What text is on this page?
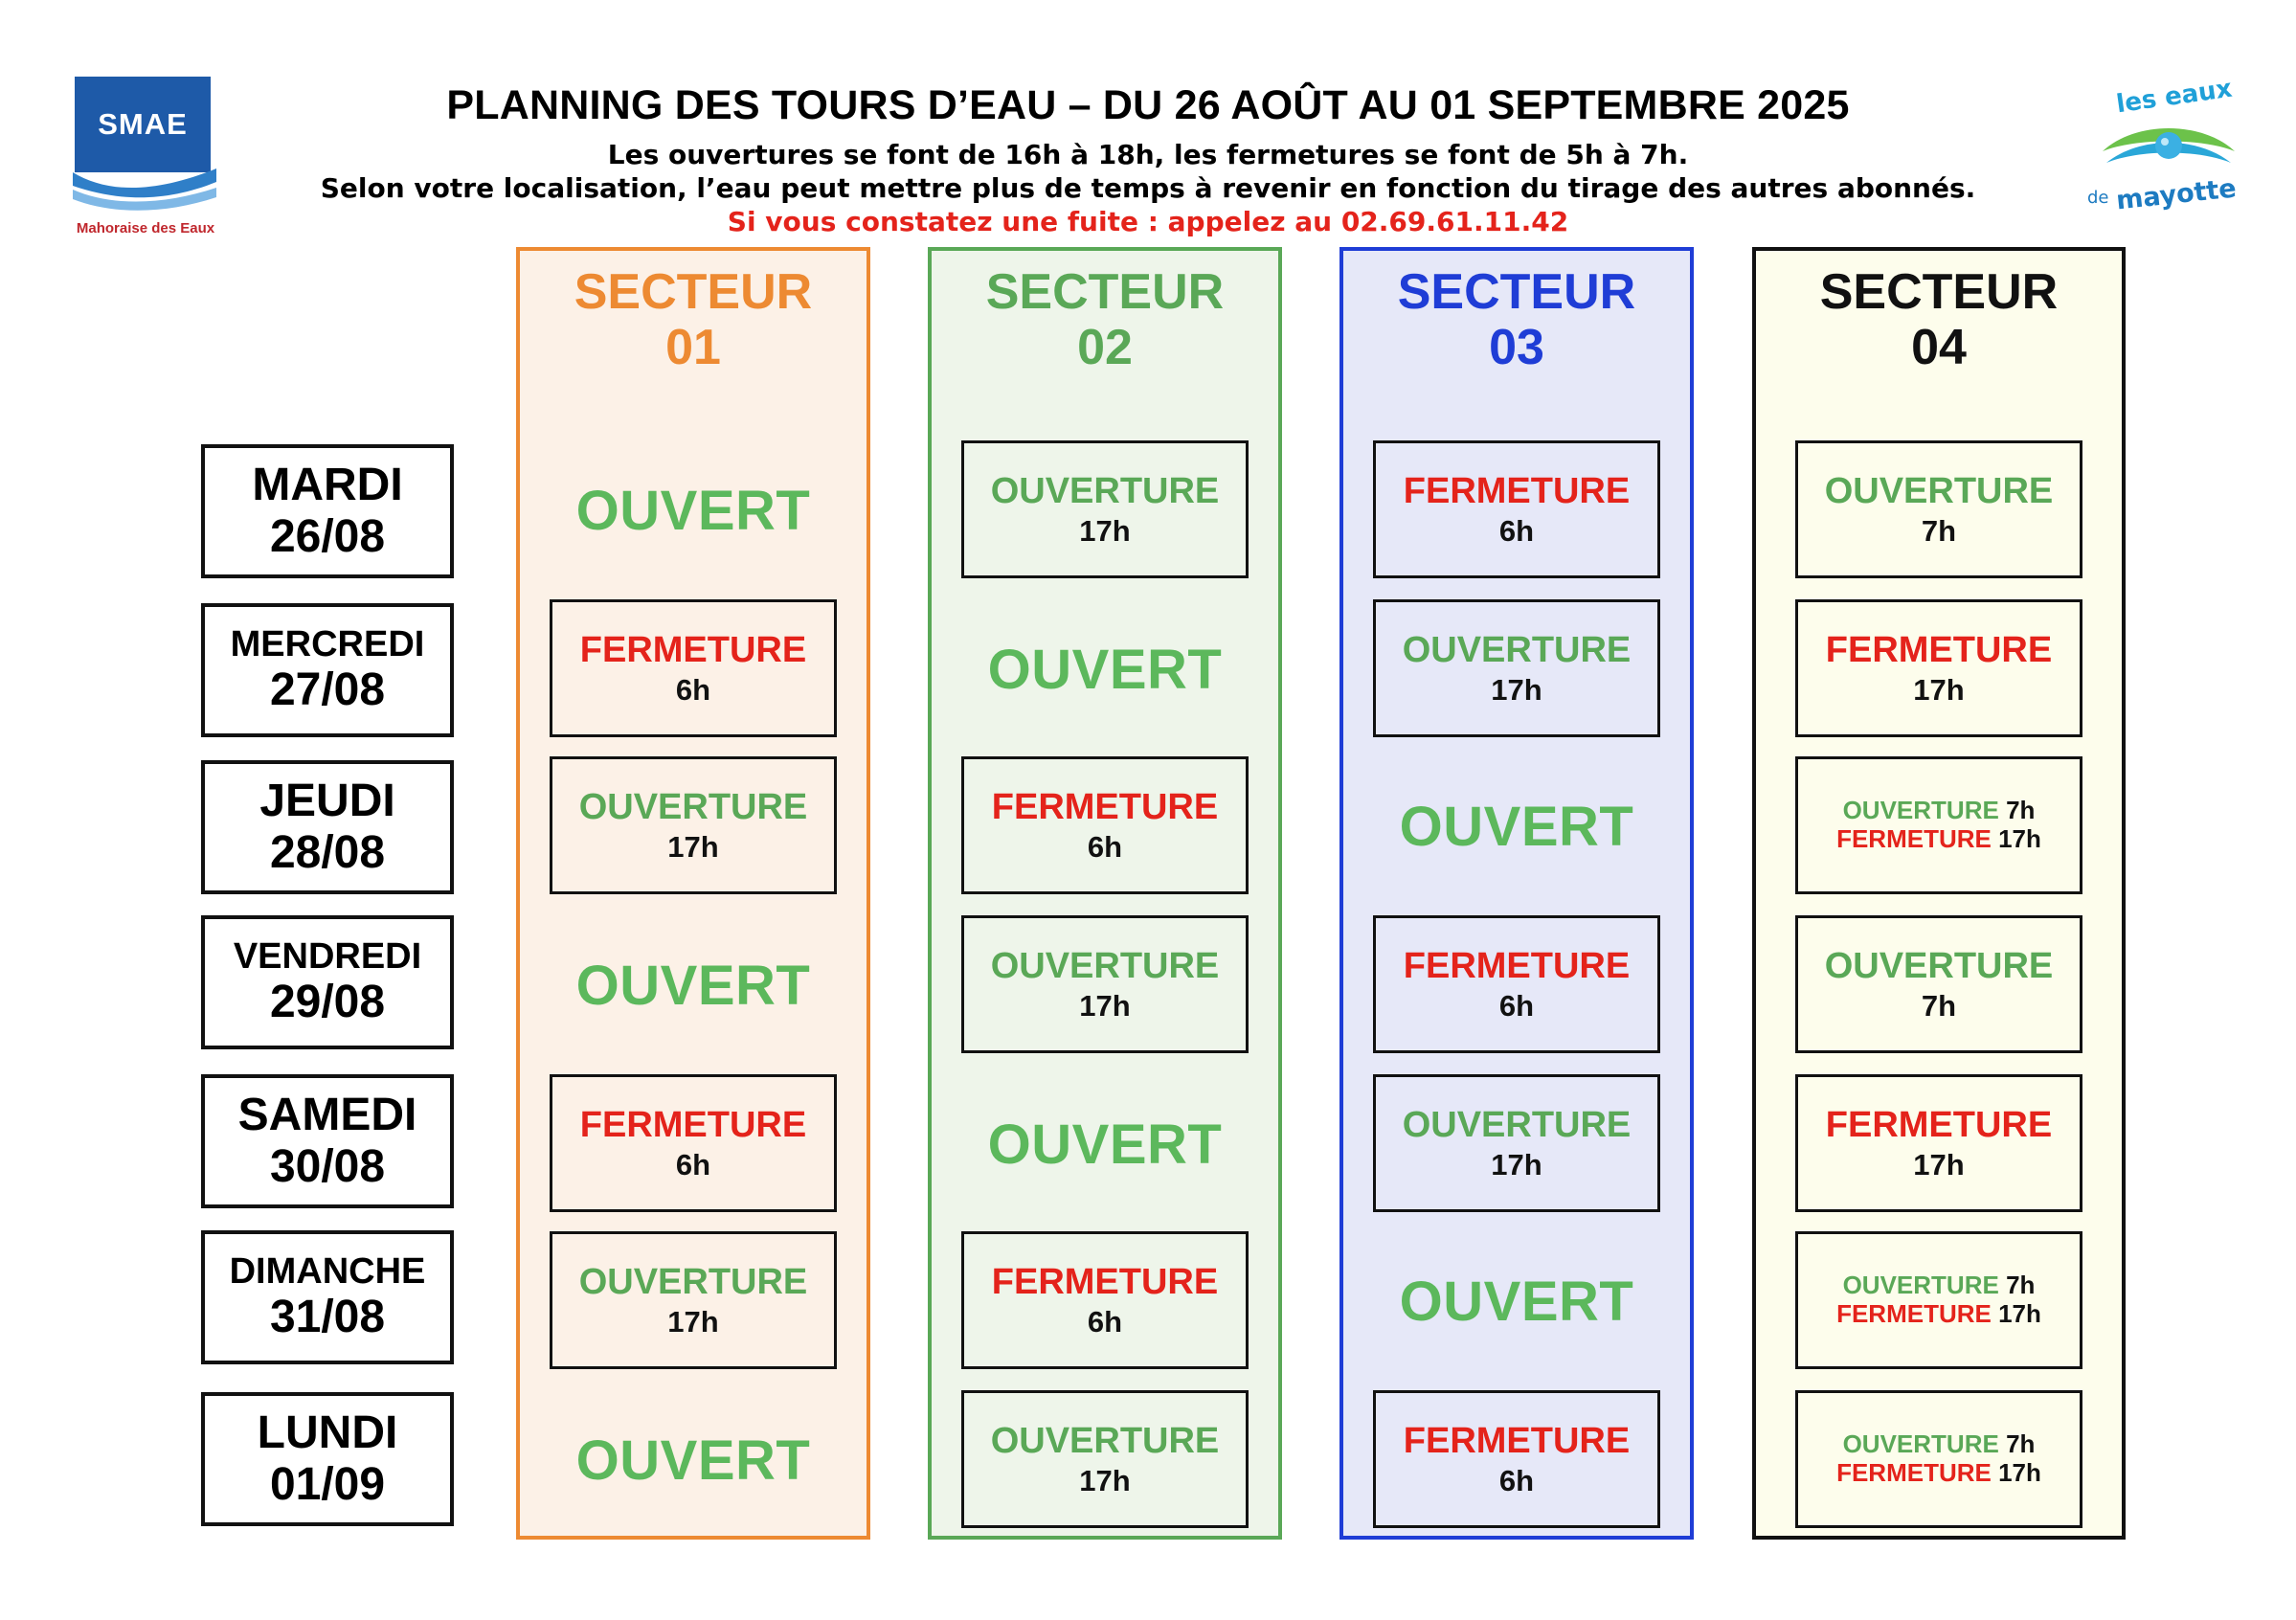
PLANNING DES TOURS D’EAU – DU 26 AOÛT AU 01 SEPTEMBRE 2025
Les ouvertures se font de 16h à 18h, les fermetures se font de 5h à 7h.
Selon votre localisation, l’eau peut mettre plus de temps à revenir en fonction du tirage des autres abonnés.
Si vous constatez une fuite : appelez au 02.69.61.11.42
SMAE
Mahoraise des Eaux
les eaux
de mayotte
MARDI
26/08
MERCREDI
27/08
JEUDI
28/08
VENDREDI
29/08
SAMEDI
30/08
DIMANCHE
31/08
LUNDI
01/09
SECTEUR
01
OUVERT
FERMETURE
6h
OUVERTURE
17h
OUVERT
FERMETURE
6h
OUVERTURE
17h
OUVERT
SECTEUR
02
OUVERTURE
17h
OUVERT
FERMETURE
6h
OUVERTURE
17h
OUVERT
FERMETURE
6h
OUVERTURE
17h
SECTEUR
03
FERMETURE
6h
OUVERTURE
17h
OUVERT
FERMETURE
6h
OUVERTURE
17h
OUVERT
FERMETURE
6h
SECTEUR
04
OUVERTURE
7h
FERMETURE
17h
OUVERTURE 7h
FERMETURE 17h
OUVERTURE
7h
FERMETURE
17h
OUVERTURE 7h
FERMETURE 17h
OUVERTURE 7h
FERMETURE 17h
